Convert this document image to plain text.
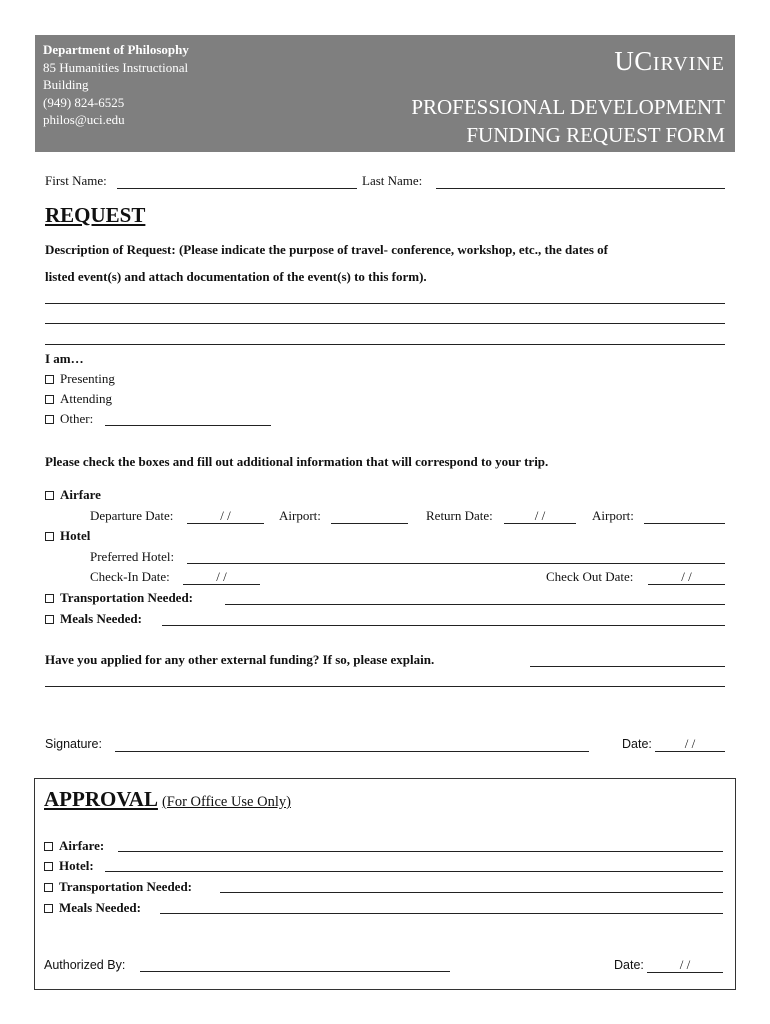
Department of Philosophy
85 Humanities Instructional
Building
(949) 824-6525
philos@uci.edu
UCIRVINE
PROFESSIONAL DEVELOPMENT
FUNDING REQUEST FORM
First Name:	Last Name:
REQUEST
Description of Request: (Please indicate the purpose of travel- conference, workshop, etc., the dates of
listed event(s) and attach documentation of the event(s) to this form).
I am…
Presenting
Attending
Other:
Please check the boxes and fill out additional information that will correspond to your trip.
Airfare
Departure Date:	/ /	Airport:	Return Date:	/ /	Airport:
Hotel
Preferred Hotel:
Check-In Date:	/ /	Check Out Date:	/ /
Transportation Needed:
Meals Needed:
Have you applied for any other external funding? If so, please explain.
Signature:	Date:	/ /
APPROVAL (For Office Use Only)
Airfare:
Hotel:
Transportation Needed:
Meals Needed:
Authorized By:	Date:	/ /
